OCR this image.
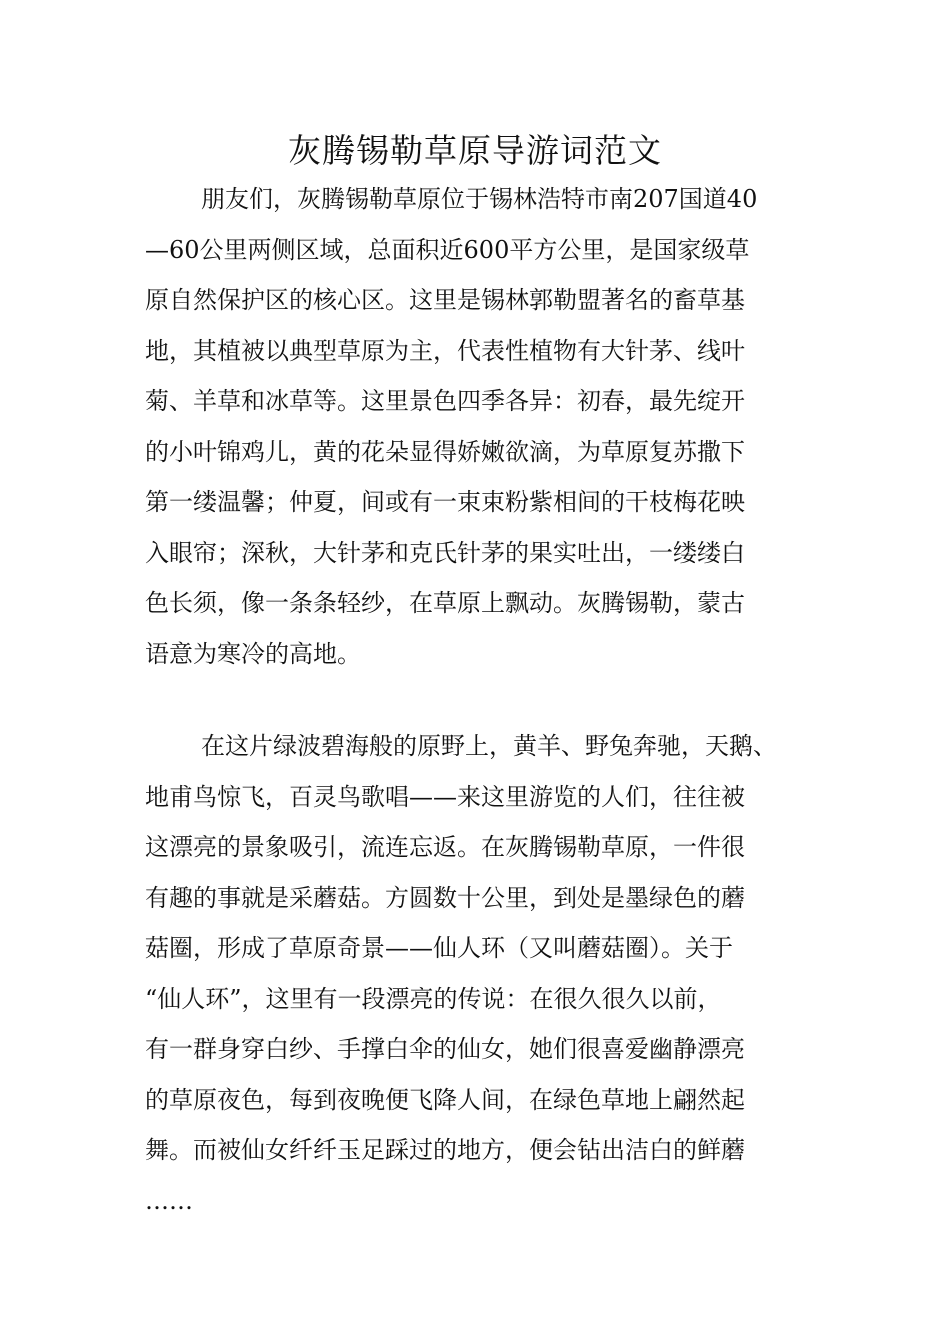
灰腾锡勒草原导游词范文
朋友们，灰腾锡勒草原位于锡林浩特市南207国道40
—60公里两侧区域，总面积近600平方公里，是国家级草
原自然保护区的核心区。这里是锡林郭勒盟著名的畜草基
地，其植被以典型草原为主，代表性植物有大针茅、线叶
菊、羊草和冰草等。这里景色四季各异：初春，最先绽开
的小叶锦鸡儿，黄的花朵显得娇嫩欲滴，为草原复苏撒下
第一缕温馨；仲夏，间或有一束束粉紫相间的干枝梅花映
入眼帘；深秋，大针茅和克氏针茅的果实吐出，一缕缕白
色长须，像一条条轻纱，在草原上飘动。灰腾锡勒，蒙古
语意为寒冷的高地。
在这片绿波碧海般的原野上，黄羊、野兔奔驰，天鹅、
地甫鸟惊飞，百灵鸟歌唱——来这里游览的人们，往往被
这漂亮的景象吸引，流连忘返。在灰腾锡勒草原，一件很
有趣的事就是采蘑菇。方圆数十公里，到处是墨绿色的蘑
菇圈，形成了草原奇景——仙人环（又叫蘑菇圈）。关于
“仙人环”，这里有一段漂亮的传说：在很久很久以前，
有一群身穿白纱、手撑白伞的仙女，她们很喜爱幽静漂亮
的草原夜色，每到夜晚便飞降人间，在绿色草地上翩然起
舞。而被仙女纤纤玉足踩过的地方，便会钻出洁白的鲜蘑
……
